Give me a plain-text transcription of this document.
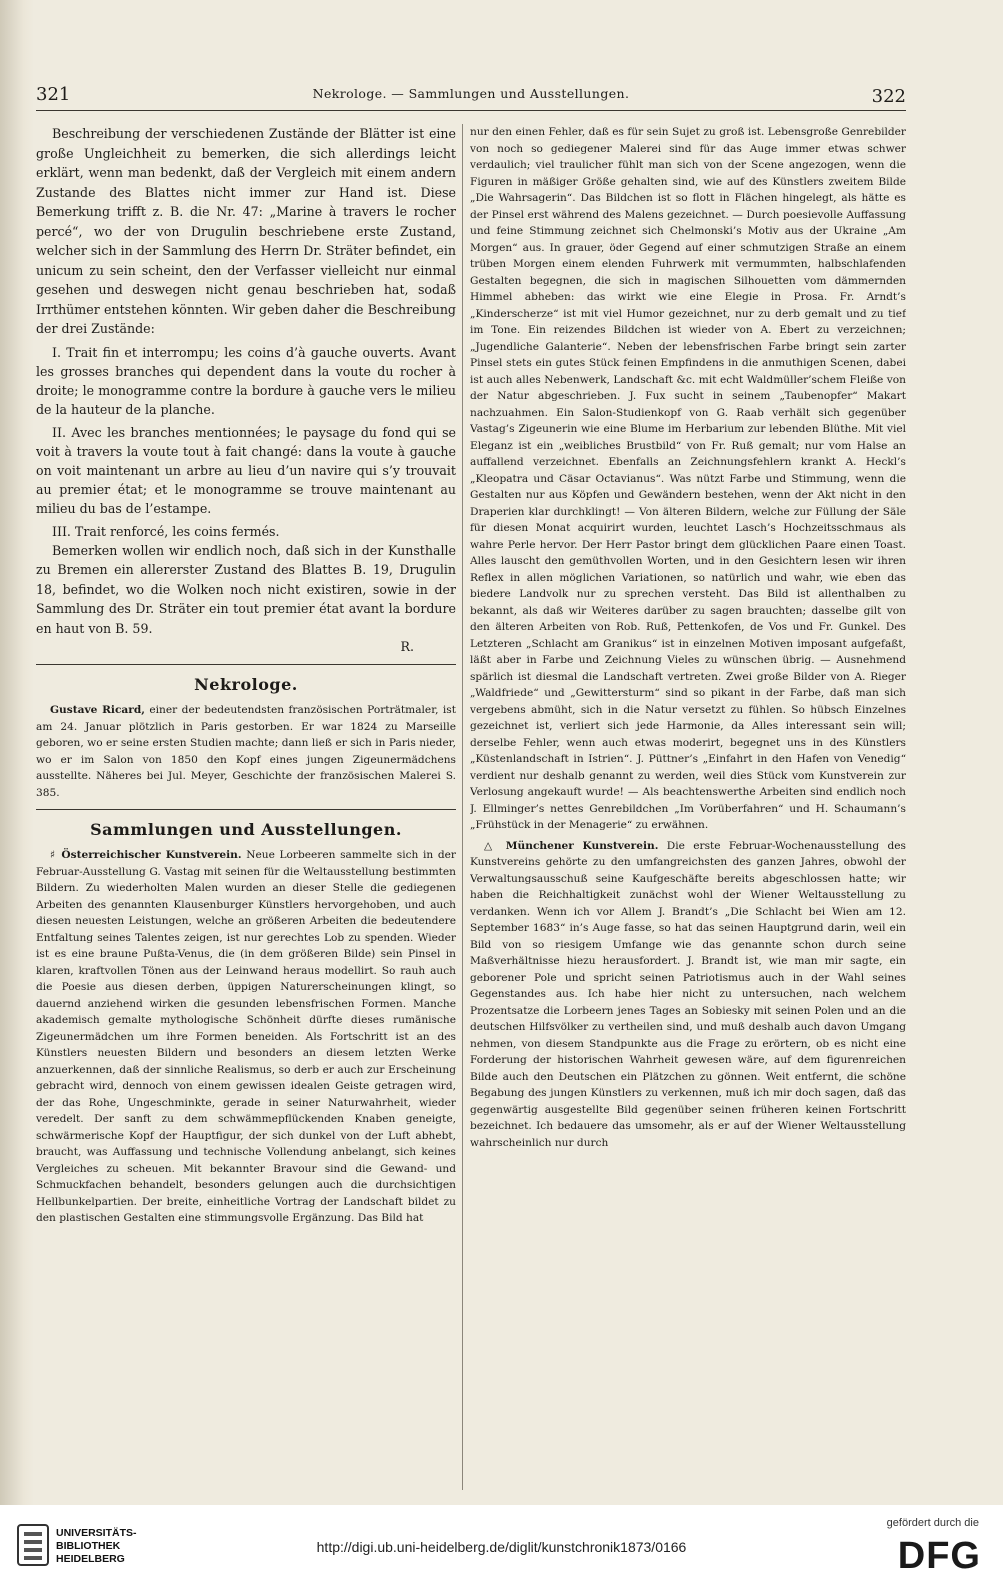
321	Nekrologe. — Sammlungen und Ausstellungen.	322

Beschreibung der verschiedenen Zustände der Blätter ist eine große Ungleichheit zu bemerken, die sich allerdings leicht erklärt, wenn man bedenkt, daß der Vergleich mit einem andern Zustande des Blattes nicht immer zur Hand ist. Diese Bemerkung trifft z. B. die Nr. 47: „Marine à travers le rocher percé“, wo der von Drugulin beschriebene erste Zustand, welcher sich in der Sammlung des Herrn Dr. Sträter befindet, ein unicum zu sein scheint, den der Verfasser vielleicht nur einmal gesehen und deswegen nicht genau beschrieben hat, sodaß Irrthümer entstehen könnten. Wir geben daher die Beschreibung der drei Zustände:

I. Trait fin et interrompu; les coins d’à gauche ouverts. Avant les grosses branches qui dependent dans la voute du rocher à droite; le monogramme contre la bordure à gauche vers le milieu de la hauteur de la planche.

II. Avec les branches mentionnées; le paysage du fond qui se voit à travers la voute tout à fait changé: dans la voute à gauche on voit maintenant un arbre au lieu d’un navire qui s’y trouvait au premier état; et le monogramme se trouve maintenant au milieu du bas de l’estampe.

III. Trait renforcé, les coins fermés.

Bemerken wollen wir endlich noch, daß sich in der Kunsthalle zu Bremen ein allererster Zustand des Blattes B. 19, Drugulin 18, befindet, wo die Wolken noch nicht existiren, sowie in der Sammlung des Dr. Sträter ein tout premier état avant la bordure en haut von B. 59.

R.
Nekrologe.

Gustave Ricard, einer der bedeutendsten französischen Porträtmaler, ist am 24. Januar plötzlich in Paris gestorben. Er war 1824 zu Marseille geboren, wo er seine ersten Studien machte; dann ließ er sich in Paris nieder, wo er im Salon von 1850 den Kopf eines jungen Zigeunermädchens ausstellte. Näheres bei Jul. Meyer, Geschichte der französischen Malerei S. 385.

Sammlungen und Ausstellungen.

♯ Österreichischer Kunstverein. Neue Lorbeeren sammelte sich in der Februar-Ausstellung G. Vastag mit seinen für die Weltausstellung bestimmten Bildern. Zu wiederholten Malen wurden an dieser Stelle die gediegenen Arbeiten des genannten Klausenburger Künstlers hervorgehoben, und auch diesen neuesten Leistungen, welche an größeren Arbeiten die bedeutendere Entfaltung seines Talentes zeigen, ist nur gerechtes Lob zu spenden. Wieder ist es eine braune Pußta-Venus, die (in dem größeren Bilde) sein Pinsel in klaren, kraftvollen Tönen aus der Leinwand heraus modellirt. So rauh auch die Poesie aus diesen derben, üppigen Naturerscheinungen klingt, so dauernd anziehend wirken die gesunden lebensfrischen Formen. Manche akademisch gemalte mythologische Schönheit dürfte dieses rumänische Zigeunermädchen um ihre Formen beneiden. Als Fortschritt ist an des Künstlers neuesten Bildern und besonders an diesem letzten Werke anzuerkennen, daß der sinnliche Realismus, so derb er auch zur Erscheinung gebracht wird, dennoch von einem gewissen idealen Geiste getragen wird, der das Rohe, Ungeschminkte, gerade in seiner Naturwahrheit, wieder veredelt. Der sanft zu dem schwämmepflückenden Knaben geneigte, schwärmerische Kopf der Hauptfigur, der sich dunkel von der Luft abhebt, braucht, was Auffassung und technische Vollendung anbelangt, sich keines Vergleiches zu scheuen. Mit bekannter Bravour sind die Gewand- und Schmuckfachen behandelt, besonders gelungen auch die durchsichtigen Hellbunkelpartien. Der breite, einheitliche Vortrag der Landschaft bildet zu den plastischen Gestalten eine stimmungsvolle Ergänzung. Das Bild hat

nur den einen Fehler, daß es für sein Sujet zu groß ist. Lebensgroße Genrebilder von noch so gediegener Malerei sind für das Auge immer etwas schwer verdaulich; viel traulicher fühlt man sich von der Scene angezogen, wenn die Figuren in mäßiger Größe gehalten sind, wie auf des Künstlers zweitem Bilde „Die Wahrsagerin“. Das Bildchen ist so flott in Flächen hingelegt, als hätte es der Pinsel erst während des Malens gezeichnet. — Durch poesievolle Auffassung und feine Stimmung zeichnet sich Chelmonski’s Motiv aus der Ukraine „Am Morgen“ aus. In grauer, öder Gegend auf einer schmutzigen Straße an einem trüben Morgen einem elenden Fuhrwerk mit vermummten, halbschlafenden Gestalten begegnen, die sich in magischen Silhouetten vom dämmernden Himmel abheben: das wirkt wie eine Elegie in Prosa. Fr. Arndt’s „Kinderscherze“ ist mit viel Humor gezeichnet, nur zu derb gemalt und zu tief im Tone. Ein reizendes Bildchen ist wieder von A. Ebert zu verzeichnen; „Jugendliche Galanterie“. Neben der lebensfrischen Farbe bringt sein zarter Pinsel stets ein gutes Stück feinen Empfindens in die anmuthigen Scenen, dabei ist auch alles Nebenwerk, Landschaft &c. mit echt Waldmüller’schem Fleiße von der Natur abgeschrieben. J. Fux sucht in seinem „Taubenopfer“ Makart nachzuahmen. Ein Salon-Studienkopf von G. Raab verhält sich gegenüber Vastag’s Zigeunerin wie eine Blume im Herbarium zur lebenden Blüthe. Mit viel Eleganz ist ein „weibliches Brustbild“ von Fr. Ruß gemalt; nur vom Halse an auffallend verzeichnet. Ebenfalls an Zeichnungsfehlern krankt A. Heckl’s „Kleopatra und Cäsar Octavianus“. Was nützt Farbe und Stimmung, wenn die Gestalten nur aus Köpfen und Gewändern bestehen, wenn der Akt nicht in den Draperien klar durchklingt! — Von älteren Bildern, welche zur Füllung der Säle für diesen Monat acquirirt wurden, leuchtet Lasch’s Hochzeitsschmaus als wahre Perle hervor. Der Herr Pastor bringt dem glücklichen Paare einen Toast. Alles lauscht den gemüthvollen Worten, und in den Gesichtern lesen wir ihren Reflex in allen möglichen Variationen, so natürlich und wahr, wie eben das biedere Landvolk nur zu sprechen versteht. Das Bild ist allenthalben zu bekannt, als daß wir Weiteres darüber zu sagen brauchten; dasselbe gilt von den älteren Arbeiten von Rob. Ruß, Pettenkofen, de Vos und Fr. Gunkel. Des Letzteren „Schlacht am Granikus“ ist in einzelnen Motiven imposant aufgefaßt, läßt aber in Farbe und Zeichnung Vieles zu wünschen übrig. — Ausnehmend spärlich ist diesmal die Landschaft vertreten. Zwei große Bilder von A. Rieger „Waldfriede“ und „Gewittersturm“ sind so pikant in der Farbe, daß man sich vergebens abmüht, sich in die Natur versetzt zu fühlen. So hübsch Einzelnes gezeichnet ist, verliert sich jede Harmonie, da Alles interessant sein will; derselbe Fehler, wenn auch etwas moderirt, begegnet uns in des Künstlers „Küstenlandschaft in Istrien“. J. Püttner’s „Einfahrt in den Hafen von Venedig“ verdient nur deshalb genannt zu werden, weil dies Stück vom Kunstverein zur Verlosung angekauft wurde! — Als beachtenswerthe Arbeiten sind endlich noch J. Ellminger’s nettes Genrebildchen „Im Vorüberfahren“ und H. Schaumann’s „Frühstück in der Menagerie“ zu erwähnen.

△ Münchener Kunstverein. Die erste Februar-Wochenausstellung des Kunstvereins gehörte zu den umfangreichsten des ganzen Jahres, obwohl der Verwaltungsausschuß seine Kaufgeschäfte bereits abgeschlossen hatte; wir haben die Reichhaltigkeit zunächst wohl der Wiener Weltausstellung zu verdanken. Wenn ich vor Allem J. Brandt’s „Die Schlacht bei Wien am 12. September 1683“ in’s Auge fasse, so hat das seinen Hauptgrund darin, weil ein Bild von so riesigem Umfange wie das genannte schon durch seine Maßverhältnisse hiezu herausfordert. J. Brandt ist, wie man mir sagte, ein geborener Pole und spricht seinen Patriotismus auch in der Wahl seines Gegenstandes aus. Ich habe hier nicht zu untersuchen, nach welchem Prozentsatze die Lorbeern jenes Tages an Sobiesky mit seinen Polen und an die deutschen Hilfsvölker zu vertheilen sind, und muß deshalb auch davon Umgang nehmen, von diesem Standpunkte aus die Frage zu erörtern, ob es nicht eine Forderung der historischen Wahrheit gewesen wäre, auf dem figurenreichen Bilde auch den Deutschen ein Plätzchen zu gönnen. Weit entfernt, die schöne Begabung des jungen Künstlers zu verkennen, muß ich mir doch sagen, daß das gegenwärtig ausgestellte Bild gegenüber seinen früheren keinen Fortschritt bezeichnet. Ich bedauere das umsomehr, als er auf der Wiener Weltausstellung wahrscheinlich nur durch

UNIVERSITÄTS-
BIBLIOTHEK
HEIDELBERG
http://digi.ub.uni-heidelberg.de/diglit/kunstchronik1873/0166
gefördert durch die
DFG
